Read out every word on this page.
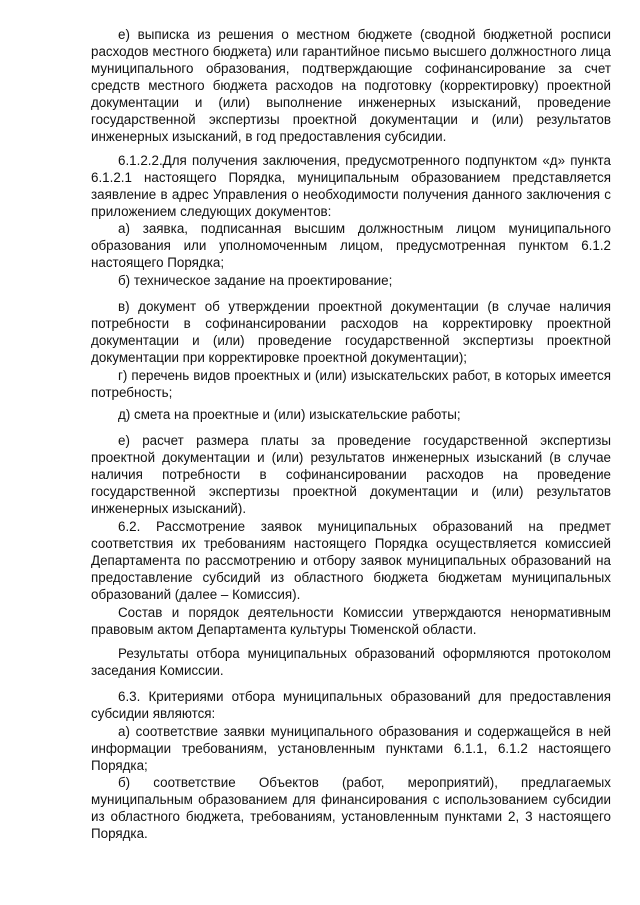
е) выписка из решения о местном бюджете (сводной бюджетной росписи расходов местного бюджета) или гарантийное письмо высшего должностного лица муниципального образования, подтверждающие софинансирование за счет средств местного бюджета расходов на подготовку (корректировку) проектной документации и (или) выполнение инженерных изысканий, проведение государственной экспертизы проектной документации и (или) результатов инженерных изысканий, в год предоставления субсидии.

6.1.2.2.Для получения заключения, предусмотренного подпунктом «д» пункта 6.1.2.1 настоящего Порядка, муниципальным образованием представляется заявление в адрес Управления о необходимости получения данного заключения с приложением следующих документов:

а) заявка, подписанная высшим должностным лицом муниципального образования или уполномоченным лицом, предусмотренная пунктом 6.1.2 настоящего Порядка;

б) техническое задание на проектирование;

в) документ об утверждении проектной документации (в случае наличия потребности в софинансировании расходов на корректировку проектной документации и (или) проведение государственной экспертизы проектной документации при корректировке проектной документации);

г) перечень видов проектных и (или) изыскательских работ, в которых имеется потребность;

д) смета на проектные и (или) изыскательские работы;

е) расчет размера платы за проведение государственной экспертизы проектной документации и (или) результатов инженерных изысканий (в случае наличия потребности в софинансировании расходов на проведение государственной экспертизы проектной документации и (или) результатов инженерных изысканий).

6.2. Рассмотрение заявок муниципальных образований на предмет соответствия их требованиям настоящего Порядка осуществляется комиссией Департамента по рассмотрению и отбору заявок муниципальных образований на предоставление субсидий из областного бюджета бюджетам муниципальных образований (далее – Комиссия).

Состав и порядок деятельности Комиссии утверждаются ненормативным правовым актом Департамента культуры Тюменской области.

Результаты отбора муниципальных образований оформляются протоколом заседания Комиссии.

6.3. Критериями отбора муниципальных образований для предоставления субсидии являются:

а) соответствие заявки муниципального образования и содержащейся в ней информации требованиям, установленным пунктами 6.1.1, 6.1.2 настоящего Порядка;

б) соответствие Объектов (работ, мероприятий), предлагаемых муниципальным образованием для финансирования с использованием субсидии из областного бюджета, требованиям, установленным пунктами 2, 3 настоящего Порядка.
